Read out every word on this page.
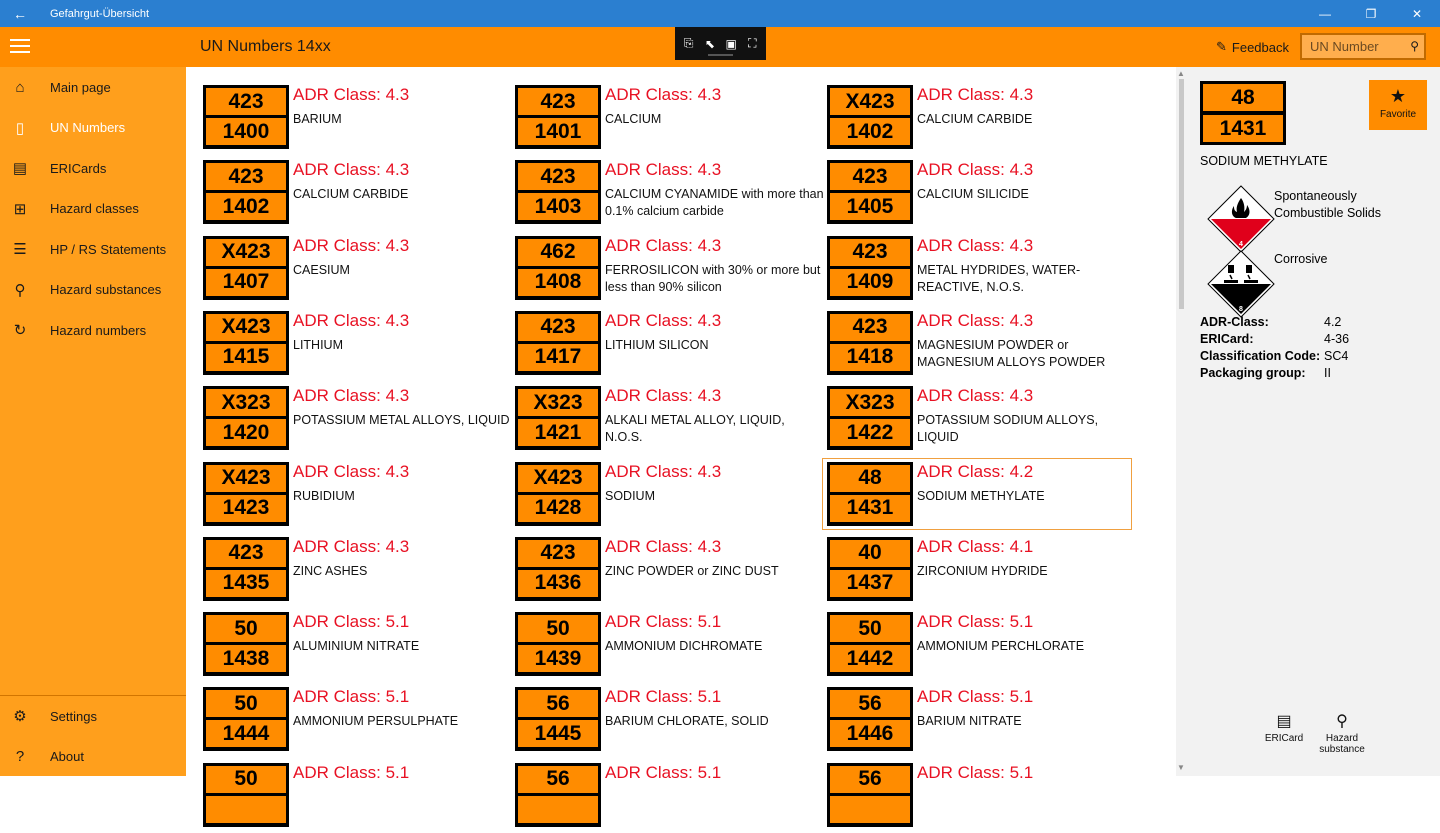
←	Gefahrgut-Übersicht	—	❐	✕
UN Numbers 14xx	⎘ ⬉ ▣ ⛶	✎ Feedback
UN Number	⚲
⌂	Main page
▯	UN Numbers
▤ ERICards
⊞ Hazard classes
☰ HP / RS Statements
⚲	Hazard substances
↻ Hazard numbers
⚙ Settings
?	About
423
1400
ADR Class: 4.3
BARIUM
423
1401
ADR Class: 4.3
CALCIUM
X423
1402
ADR Class: 4.3
CALCIUM CARBIDE
423
1402
ADR Class: 4.3
CALCIUM CARBIDE
423
1403
ADR Class: 4.3
CALCIUM CYANAMIDE with more than 0.1% calcium carbide
423
1405
ADR Class: 4.3
CALCIUM SILICIDE
X423
1407
ADR Class: 4.3
CAESIUM
462
1408
ADR Class: 4.3
FERROSILICON with 30% or more but less than 90% silicon
423
1409
ADR Class: 4.3
METAL HYDRIDES, WATER-REACTIVE, N.O.S.
X423
1415
ADR Class: 4.3
LITHIUM
423
1417
ADR Class: 4.3
LITHIUM SILICON
423
1418
ADR Class: 4.3
MAGNESIUM POWDER or MAGNESIUM ALLOYS POWDER
X323
1420
ADR Class: 4.3
POTASSIUM METAL ALLOYS, LIQUID
X323
1421
ADR Class: 4.3
ALKALI METAL ALLOY, LIQUID, N.O.S.
X323
1422
ADR Class: 4.3
POTASSIUM SODIUM ALLOYS, LIQUID
X423
1423
ADR Class: 4.3
RUBIDIUM
X423
1428
ADR Class: 4.3
SODIUM
48
1431
ADR Class: 4.2
SODIUM METHYLATE
423
1435
ADR Class: 4.3
ZINC ASHES
423
1436
ADR Class: 4.3
ZINC POWDER or ZINC DUST
40
1437
ADR Class: 4.1
ZIRCONIUM HYDRIDE
50
1438
ADR Class: 5.1
ALUMINIUM NITRATE
50
1439
ADR Class: 5.1
AMMONIUM DICHROMATE
50
1442
ADR Class: 5.1
AMMONIUM PERCHLORATE
50
1444
ADR Class: 5.1
AMMONIUM PERSULPHATE
56
1445
ADR Class: 5.1
BARIUM CHLORATE, SOLID
56
1446
ADR Class: 5.1
BARIUM NITRATE
50	ADR Class: 5.1	56	ADR Class: 5.1	56	ADR Class: 5.1
▲
▼
48
1431
★
Favorite
SODIUM METHYLATE
4
Spontaneously Combustible Solids
8
Corrosive
ADR-Class:	4.2
ERICard:	4-36
Classification Code: SC4
Packaging group:	II
▤
ERICard
⚲
Hazard substance
